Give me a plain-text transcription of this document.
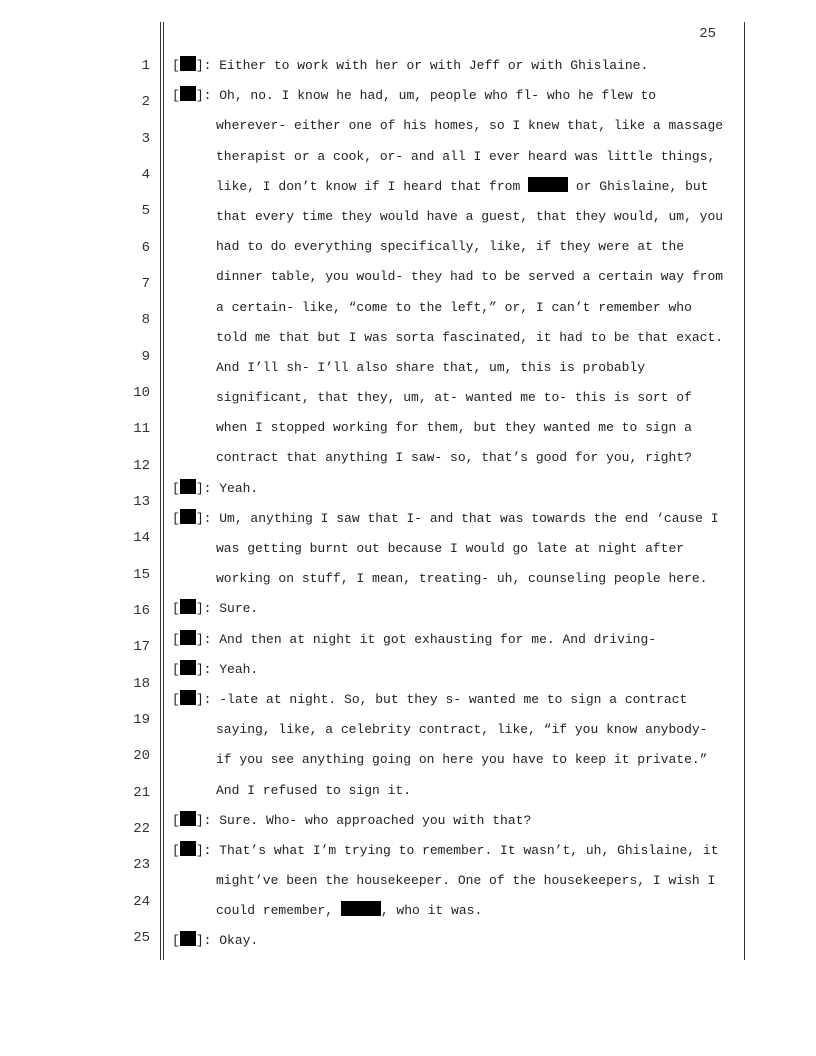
25
1
2
3
4
5
6
7
8
9
10
11
12
13
14
15
16
17
18
19
20
21
22
23
24
25
[ ]: Either to work with her or with Jeff or with Ghislaine.
[ ]: Oh, no. I know he had, um, people who fl- who he flew to
wherever- either one of his homes, so I knew that, like a massage
therapist or a cook, or- and all I ever heard was little things,
like, I don’t know if I heard that from	or Ghislaine, but
that every time they would have a guest, that they would, um, you
had to do everything specifically, like, if they were at the
dinner table, you would- they had to be served a certain way from
a certain- like, “come to the left,” or, I can’t remember who
told me that but I was sorta fascinated, it had to be that exact.
And I’ll sh- I’ll also share that, um, this is probably
significant, that they, um, at- wanted me to- this is sort of
when I stopped working for them, but they wanted me to sign a
contract that anything I saw- so, that’s good for you, right?
[ ]: Yeah.
[ ]: Um, anything I saw that I- and that was towards the end ‘cause I
was getting burnt out because I would go late at night after
working on stuff, I mean, treating- uh, counseling people here.
[ ]: Sure.
[ ]: And then at night it got exhausting for me. And driving-
[ ]: Yeah.
[ ]: -late at night. So, but they s- wanted me to sign a contract
saying, like, a celebrity contract, like, “if you know anybody-
if you see anything going on here you have to keep it private.”
And I refused to sign it.
[ ]: Sure. Who- who approached you with that?
[ ]: That’s what I’m trying to remember. It wasn’t, uh, Ghislaine, it
might’ve been the housekeeper. One of the housekeepers, I wish I
could remember,	, who it was.
[ ]: Okay.
